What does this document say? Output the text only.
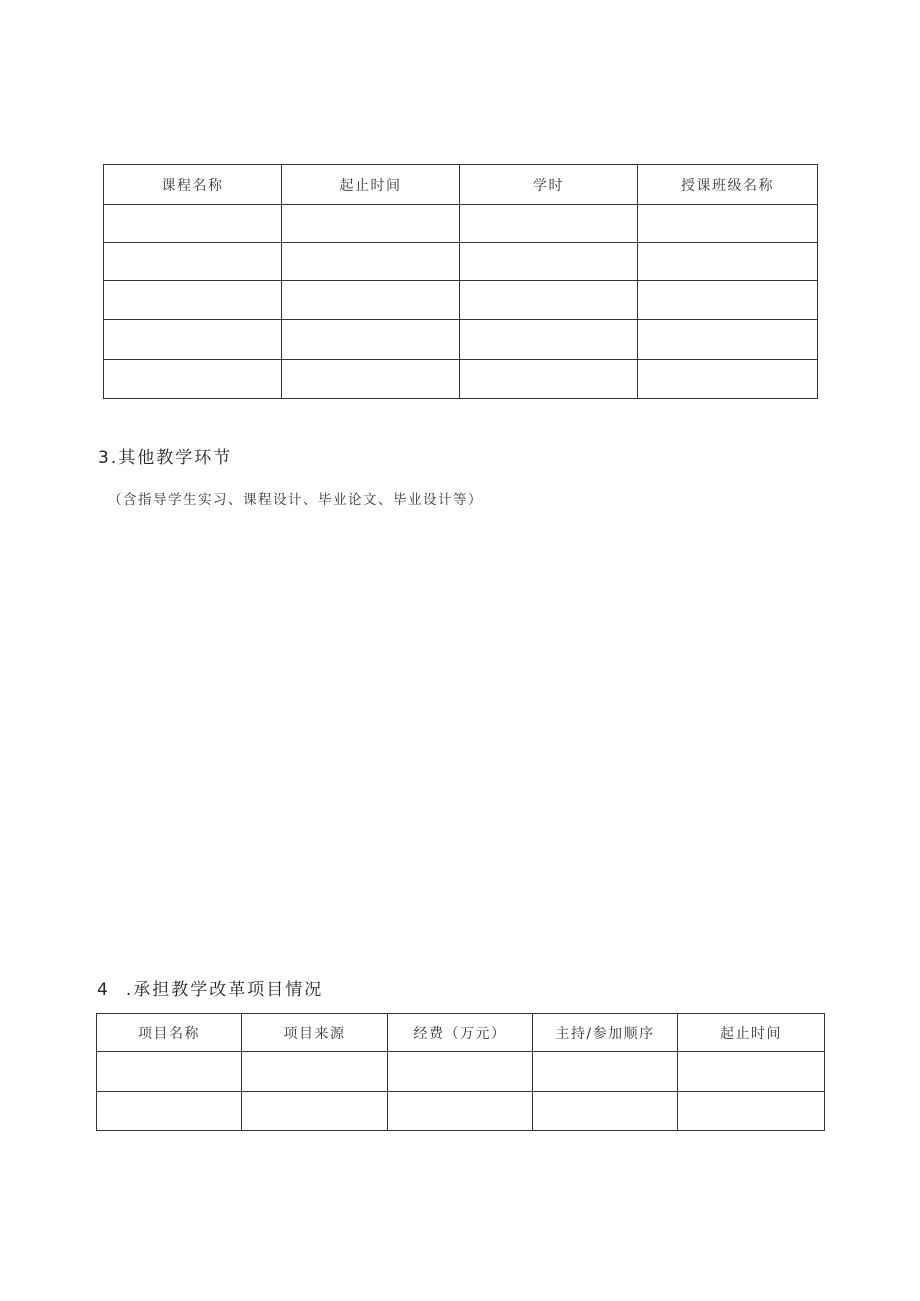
课程名称	起止时间	学时	授课班级名称

3.其他教学环节

（含指导学生实习、课程设计、毕业论文、毕业设计等）

4 .承担教学改革项目情况

项目名称	项目来源	经费（万元）	主持/参加顺序	起止时间
